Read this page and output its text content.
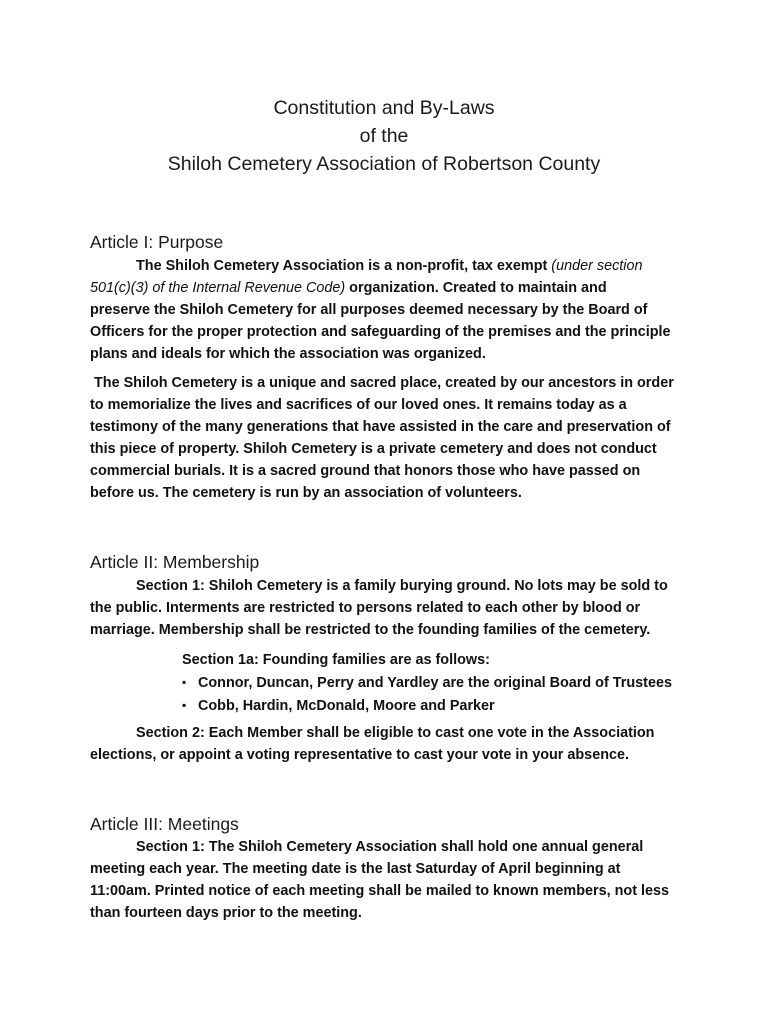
Constitution and By-Laws
of the
Shiloh Cemetery Association of Robertson County
Article I: Purpose
The Shiloh Cemetery Association is a non-profit, tax exempt (under section
501(c)(3) of the Internal Revenue Code) organization. Created to maintain and
preserve the Shiloh Cemetery for all purposes deemed necessary by the Board of
Officers for the proper protection and safeguarding of the premises and the principle
plans and ideals for which the association was organized.
The Shiloh Cemetery is a unique and sacred place, created by our ancestors in order
to memorialize the lives and sacrifices of our loved ones. It remains today as a
testimony of the many generations that have assisted in the care and preservation of
this piece of property. Shiloh Cemetery is a private cemetery and does not conduct
commercial burials. It is a sacred ground that honors those who have passed on
before us. The cemetery is run by an association of volunteers.
Article II: Membership
Section 1: Shiloh Cemetery is a family burying ground. No lots may be sold to
the public. Interments are restricted to persons related to each other by blood or
marriage. Membership shall be restricted to the founding families of the cemetery.
Section 1a: Founding families are as follows:
▪ Connor, Duncan, Perry and Yardley are the original Board of Trustees
▪ Cobb, Hardin, McDonald, Moore and Parker
Section 2: Each Member shall be eligible to cast one vote in the Association
elections, or appoint a voting representative to cast your vote in your absence.
Article III: Meetings
Section 1: The Shiloh Cemetery Association shall hold one annual general
meeting each year. The meeting date is the last Saturday of April beginning at
11:00am. Printed notice of each meeting shall be mailed to known members, not less
than fourteen days prior to the meeting.
